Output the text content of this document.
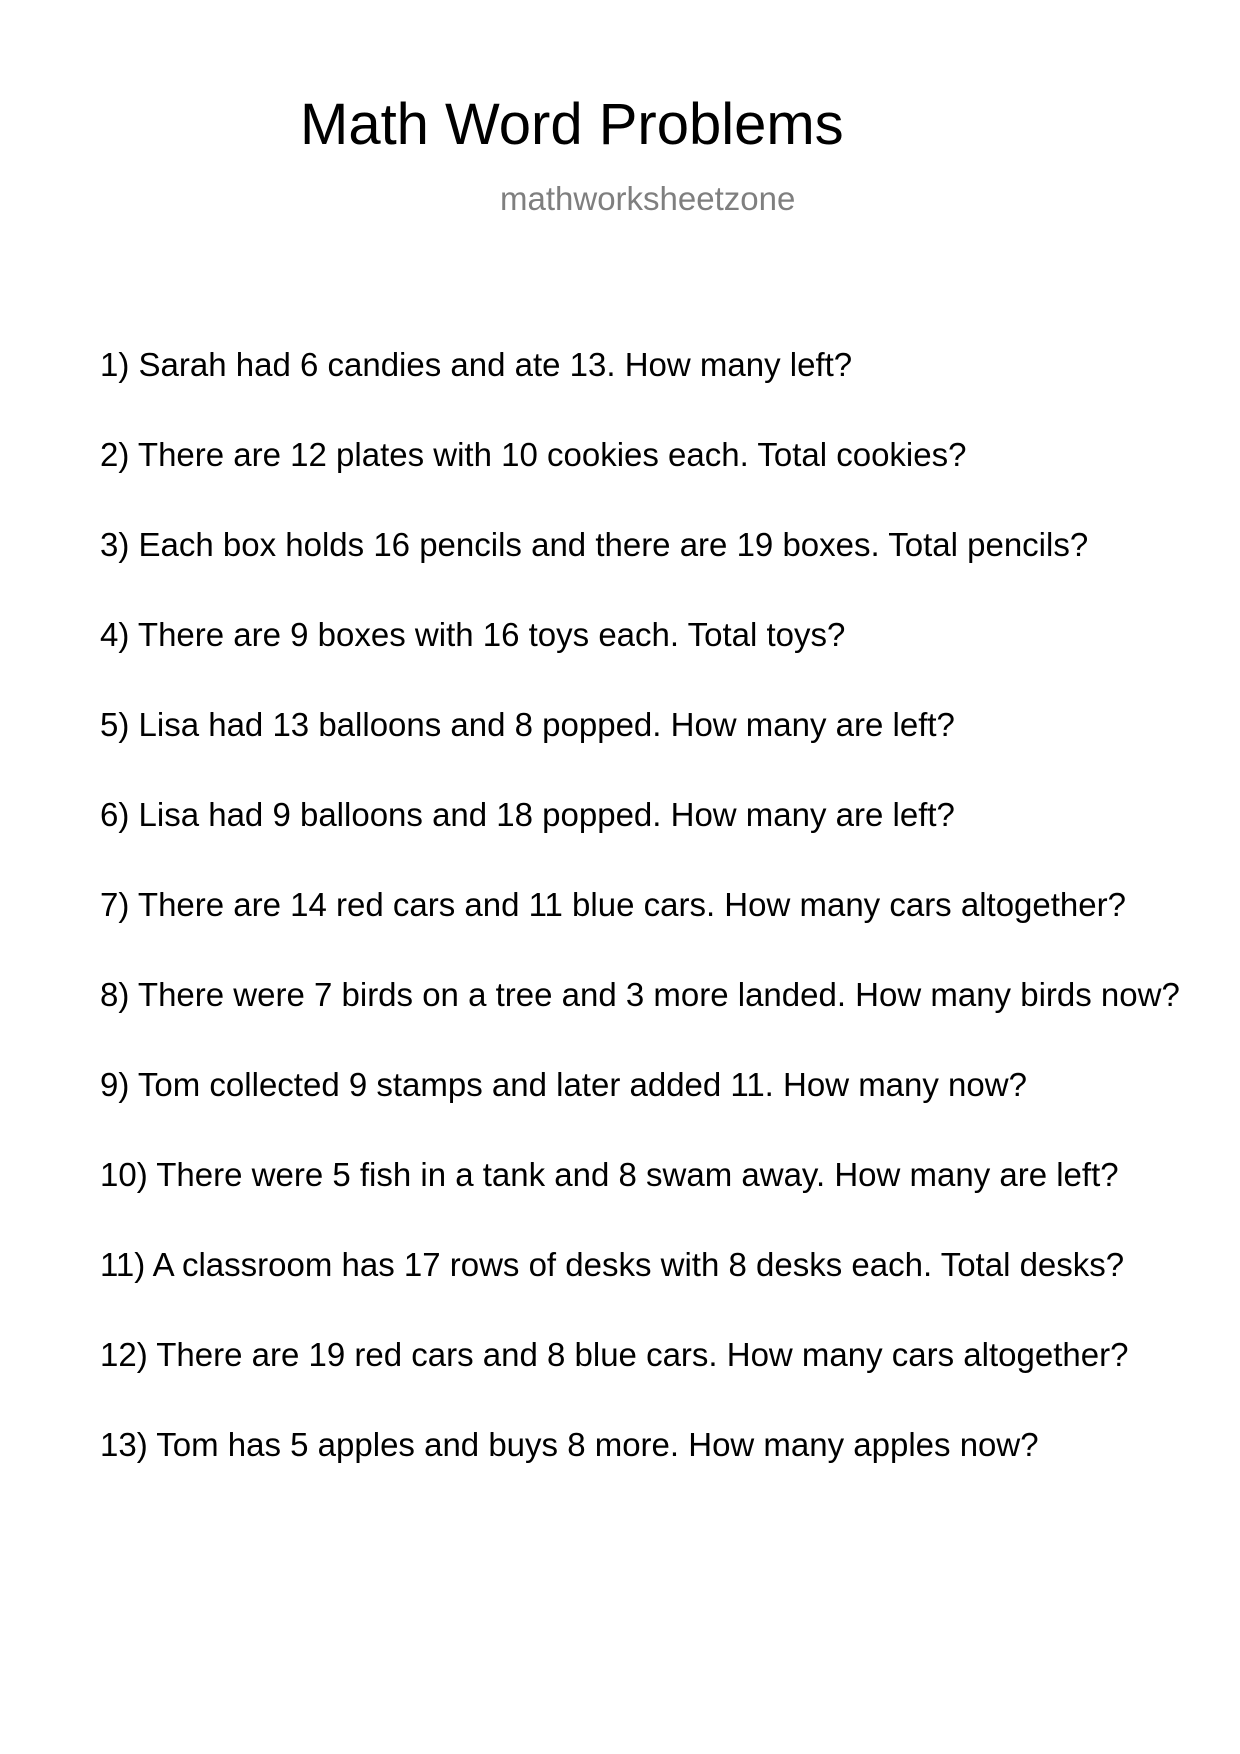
Math Word Problems
mathworksheetzone
1) Sarah had 6 candies and ate 13. How many left?
2) There are 12 plates with 10 cookies each. Total cookies?
3) Each box holds 16 pencils and there are 19 boxes. Total pencils?
4) There are 9 boxes with 16 toys each. Total toys?
5) Lisa had 13 balloons and 8 popped. How many are left?
6) Lisa had 9 balloons and 18 popped. How many are left?
7) There are 14 red cars and 11 blue cars. How many cars altogether?
8) There were 7 birds on a tree and 3 more landed. How many birds now?
9) Tom collected 9 stamps and later added 11. How many now?
10) There were 5 fish in a tank and 8 swam away. How many are left?
11) A classroom has 17 rows of desks with 8 desks each. Total desks?
12) There are 19 red cars and 8 blue cars. How many cars altogether?
13) Tom has 5 apples and buys 8 more. How many apples now?
